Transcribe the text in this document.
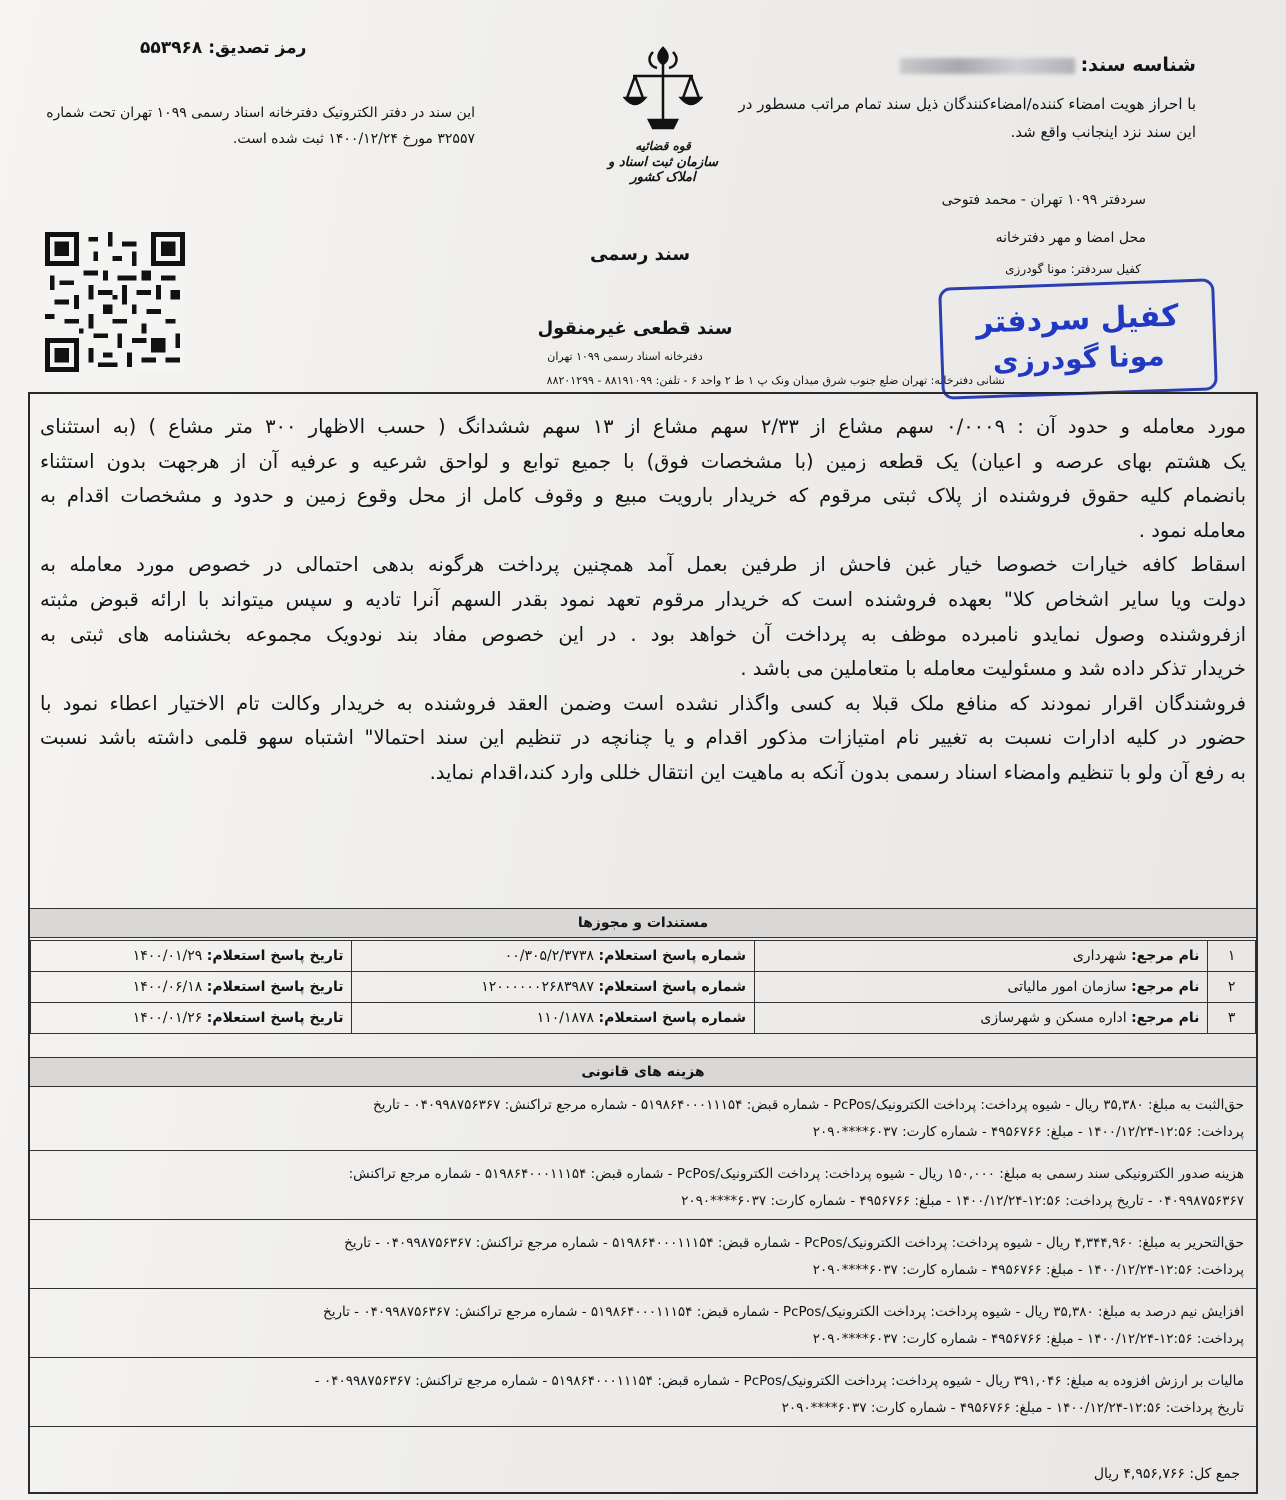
شناسه سند:
با احراز هویت امضاء کننده/امضاءکنندگان ذیل سند تمام مراتب مسطور در این سند نزد اینجانب واقع شد.
سردفتر ۱۰۹۹ تهران - محمد فتوحی
محل امضا و مهر دفترخانه
کفیل سردفتر: مونا گودرزی
رمز تصدیق: ۵۵۳۹۶۸
این سند در دفتر الکترونیک دفترخانه اسناد رسمی ۱۰۹۹ تهران تحت شماره ۳۲۵۵۷ مورخ ۱۴۰۰/۱۲/۲۴ ثبت شده است.	قوه قضائیه
سازمان ثبت اسناد و املاک کشور
سند رسمی
سند قطعی غیرمنقول
دفترخانه اسناد رسمی ۱۰۹۹ تهران
نشانی دفترخانه: تهران ضلع جنوب شرق میدان ونک پ ۱ ط ۲ واحد ۶ - تلفن: ۸۸۱۹۱۰۹۹ - ۸۸۲۰۱۲۹۹
کفیل سردفتر
مونا گودرزی
مورد معامله و حدود آن : ۰/۰۰۰۹ سهم مشاع از ۲/۳۳ سهم مشاع از ۱۳ سهم ششدانگ ( حسب الاظهار ۳۰۰ متر مشاع ) (به استثنای
یک هشتم بهای عرصه و اعیان) یک قطعه زمین (با مشخصات فوق) با جمیع توابع و لواحق شرعیه و عرفیه آن از هرجهت بدون استثناء
بانضمام کلیه حقوق فروشنده از پلاک ثبتی مرقوم که خریدار بارویت مبیع و وقوف کامل از محل وقوع زمین و حدود و مشخصات اقدام به
معامله نمود .
اسقاط کافه خیارات خصوصا خیار غبن فاحش از طرفین بعمل آمد همچنین پرداخت هرگونه بدهی احتمالی در خصوص مورد معامله به
دولت ویا سایر اشخاص کلا" بعهده فروشنده است که خریدار مرقوم تعهد نمود بقدر السهم آنرا تادیه و سپس میتواند با ارائه قبوض مثبته
ازفروشنده وصول نمایدو نامبرده موظف به پرداخت آن خواهد بود . در این خصوص مفاد بند نودویک مجموعه بخشنامه های ثبتی به
خریدار تذکر داده شد و مسئولیت معامله با متعاملین می باشد .
فروشندگان اقرار نمودند که منافع ملک قبلا به کسی واگذار نشده است وضمن العقد فروشنده به خریدار وکالت تام الاختیار اعطاء نمود با
حضور در کلیه ادارات نسبت به تغییر نام امتیازات مذکور اقدام و یا چنانچه در تنظیم این سند احتمالا" اشتباه سهو قلمی داشته باشد نسبت
به رفع آن ولو با تنظیم وامضاء اسناد رسمی بدون آنکه به ماهیت این انتقال خللی وارد کند،اقدام نماید.
مستندات و مجوزها
۱	نام مرجع: شهرداری	شماره پاسخ استعلام: ۰۰/۳۰۵/۲/۳۷۳۸	تاریخ پاسخ استعلام: ۱۴۰۰/۰۱/۲۹
۲	نام مرجع: سازمان امور مالیاتی	شماره پاسخ استعلام: ۱۲۰۰۰۰۰۰۲۶۸۳۹۸۷	تاریخ پاسخ استعلام: ۱۴۰۰/۰۶/۱۸
۳	نام مرجع: اداره مسکن و شهرسازی	شماره پاسخ استعلام: ۱۱۰/۱۸۷۸	تاریخ پاسخ استعلام: ۱۴۰۰/۰۱/۲۶
هزینه های قانونی
حق‌الثبت به مبلغ: ۳۵,۳۸۰ ریال - شیوه پرداخت: پرداخت الکترونیک/PcPos - شماره قبض: ۵۱۹۸۶۴۰۰۰۱۱۱۵۴ - شماره مرجع تراکنش: ۰۴۰۹۹۸۷۵۶۳۶۷ - تاریخ
پرداخت: ۱۲:۵۶-۱۴۰۰/۱۲/۲۴ - مبلغ: ۴۹۵۶۷۶۶ - شماره کارت: ۶۰۳۷****۲۰۹۰
هزینه صدور الکترونیکی سند رسمی به مبلغ: ۱۵۰,۰۰۰ ریال - شیوه پرداخت: پرداخت الکترونیک/PcPos - شماره قبض: ۵۱۹۸۶۴۰۰۰۱۱۱۵۴ - شماره مرجع تراکنش:
۰۴۰۹۹۸۷۵۶۳۶۷ - تاریخ پرداخت: ۱۲:۵۶-۱۴۰۰/۱۲/۲۴ - مبلغ: ۴۹۵۶۷۶۶ - شماره کارت: ۶۰۳۷****۲۰۹۰
حق‌التحریر به مبلغ: ۴,۳۴۴,۹۶۰ ریال - شیوه پرداخت: پرداخت الکترونیک/PcPos - شماره قبض: ۵۱۹۸۶۴۰۰۰۱۱۱۵۴ - شماره مرجع تراکنش: ۰۴۰۹۹۸۷۵۶۳۶۷ - تاریخ
پرداخت: ۱۲:۵۶-۱۴۰۰/۱۲/۲۴ - مبلغ: ۴۹۵۶۷۶۶ - شماره کارت: ۶۰۳۷****۲۰۹۰
افزایش نیم درصد به مبلغ: ۳۵,۳۸۰ ریال - شیوه پرداخت: پرداخت الکترونیک/PcPos - شماره قبض: ۵۱۹۸۶۴۰۰۰۱۱۱۵۴ - شماره مرجع تراکنش: ۰۴۰۹۹۸۷۵۶۳۶۷ - تاریخ
پرداخت: ۱۲:۵۶-۱۴۰۰/۱۲/۲۴ - مبلغ: ۴۹۵۶۷۶۶ - شماره کارت: ۶۰۳۷****۲۰۹۰
مالیات بر ارزش افزوده به مبلغ: ۳۹۱,۰۴۶ ریال - شیوه پرداخت: پرداخت الکترونیک/PcPos - شماره قبض: ۵۱۹۸۶۴۰۰۰۱۱۱۵۴ - شماره مرجع تراکنش: ۰۴۰۹۹۸۷۵۶۳۶۷ -
تاریخ پرداخت: ۱۲:۵۶-۱۴۰۰/۱۲/۲۴ - مبلغ: ۴۹۵۶۷۶۶ - شماره کارت: ۶۰۳۷****۲۰۹۰
جمع کل: ۴,۹۵۶,۷۶۶ ریال
